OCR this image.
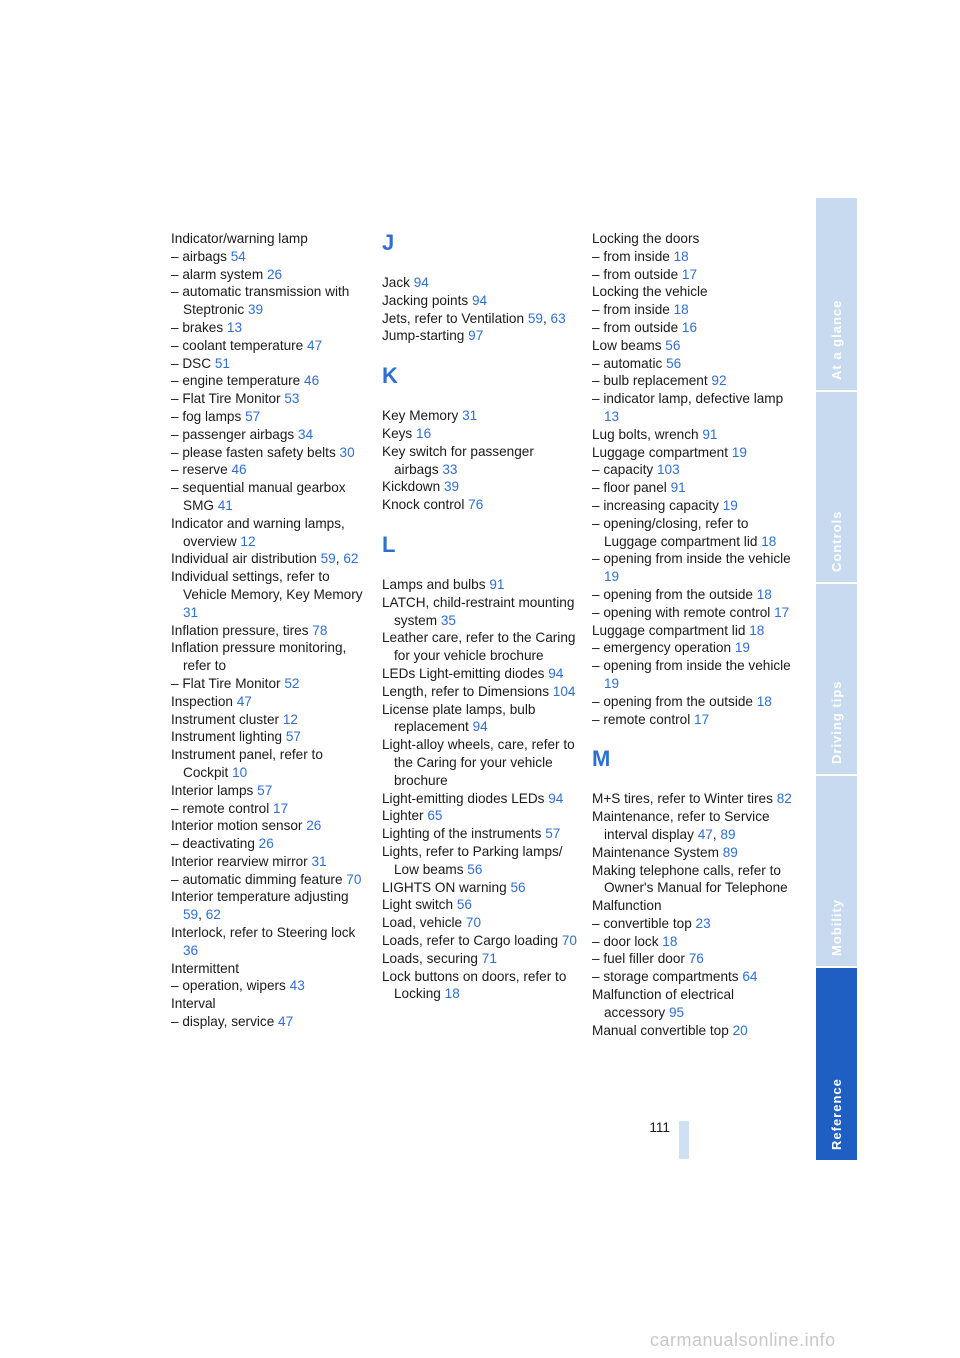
Indicator/warning lamp
– airbags 54
– alarm system 26
– automatic transmission with Steptronic 39
– brakes 13
– coolant temperature 47
– DSC 51
– engine temperature 46
– Flat Tire Monitor 53
– fog lamps 57
– passenger airbags 34
– please fasten safety belts 30
– reserve 46
– sequential manual gearbox SMG 41
Indicator and warning lamps, overview 12
Individual air distribution 59, 62
Individual settings, refer to Vehicle Memory, Key Memory 31
Inflation pressure, tires 78
Inflation pressure monitoring, refer to
– Flat Tire Monitor 52
Inspection 47
Instrument cluster 12
Instrument lighting 57
Instrument panel, refer to Cockpit 10
Interior lamps 57
– remote control 17
Interior motion sensor 26
– deactivating 26
Interior rearview mirror 31
– automatic dimming feature 70
Interior temperature adjusting 59, 62
Interlock, refer to Steering lock 36
Intermittent
– operation, wipers 43
Interval
– display, service 47
J
Jack 94
Jacking points 94
Jets, refer to Ventilation 59, 63
Jump-starting 97
K
Key Memory 31
Keys 16
Key switch for passenger airbags 33
Kickdown 39
Knock control 76
L
Lamps and bulbs 91
LATCH, child-restraint mounting system 35
Leather care, refer to the Caring for your vehicle brochure
LEDs Light-emitting diodes 94
Length, refer to Dimensions 104
License plate lamps, bulb replacement 94
Light-alloy wheels, care, refer to the Caring for your vehicle brochure
Light-emitting diodes LEDs 94
Lighter 65
Lighting of the instruments 57
Lights, refer to Parking lamps/ Low beams 56
LIGHTS ON warning 56
Light switch 56
Load, vehicle 70
Loads, refer to Cargo loading 70
Loads, securing 71
Lock buttons on doors, refer to Locking 18
Locking the doors
– from inside 18
– from outside 17
Locking the vehicle
– from inside 18
– from outside 16
Low beams 56
– automatic 56
– bulb replacement 92
– indicator lamp, defective lamp 13
Lug bolts, wrench 91
Luggage compartment 19
– capacity 103
– floor panel 91
– increasing capacity 19
– opening/closing, refer to Luggage compartment lid 18
– opening from inside the vehicle 19
– opening from the outside 18
– opening with remote control 17
Luggage compartment lid 18
– emergency operation 19
– opening from inside the vehicle 19
– opening from the outside 18
– remote control 17
M
M+S tires, refer to Winter tires 82
Maintenance, refer to Service interval display 47, 89
Maintenance System 89
Making telephone calls, refer to Owner's Manual for Telephone
Malfunction
– convertible top 23
– door lock 18
– fuel filler door 76
– storage compartments 64
Malfunction of electrical accessory 95
Manual convertible top 20
111
At a glance
Controls
Driving tips
Mobility
Reference
carmanualsonline.info
